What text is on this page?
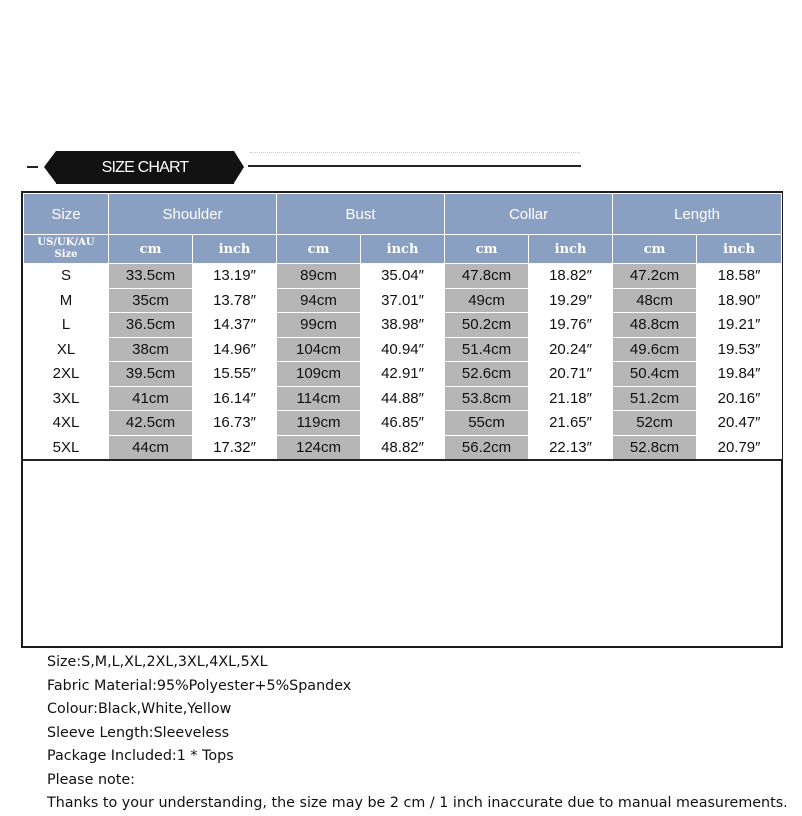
SIZE CHART
Size	Shoulder		Bust		Collar		Length	

US/UK/AU
Size	cm	inch	cm	inch	cm	inch	cm	inch
S	33.5cm	13.19″	89cm	35.04″	47.8cm	18.82″	47.2cm	18.58″
M	35cm	13.78″	94cm	37.01″	49cm	19.29″	48cm	18.90″
L	36.5cm	14.37″	99cm	38.98″	50.2cm	19.76″	48.8cm	19.21″
XL	38cm	14.96″	104cm	40.94″	51.4cm	20.24″	49.6cm	19.53″
2XL	39.5cm	15.55″	109cm	42.91″	52.6cm	20.71″	50.4cm	19.84″
3XL	41cm	16.14″	114cm	44.88″	53.8cm	21.18″	51.2cm	20.16″
4XL	42.5cm	16.73″	119cm	46.85″	55cm	21.65″	52cm	20.47″
5XL	44cm	17.32″	124cm	48.82″	56.2cm	22.13″	52.8cm	20.79″
Size:S,M,L,XL,2XL,3XL,4XL,5XL
Fabric Material:95%Polyester+5%Spandex
Colour:Black,White,Yellow
Sleeve Length:Sleeveless
Package Included:1 * Tops
Please note:
Thanks to your understanding, the size may be 2 cm / 1 inch inaccurate due to manual measurements.
